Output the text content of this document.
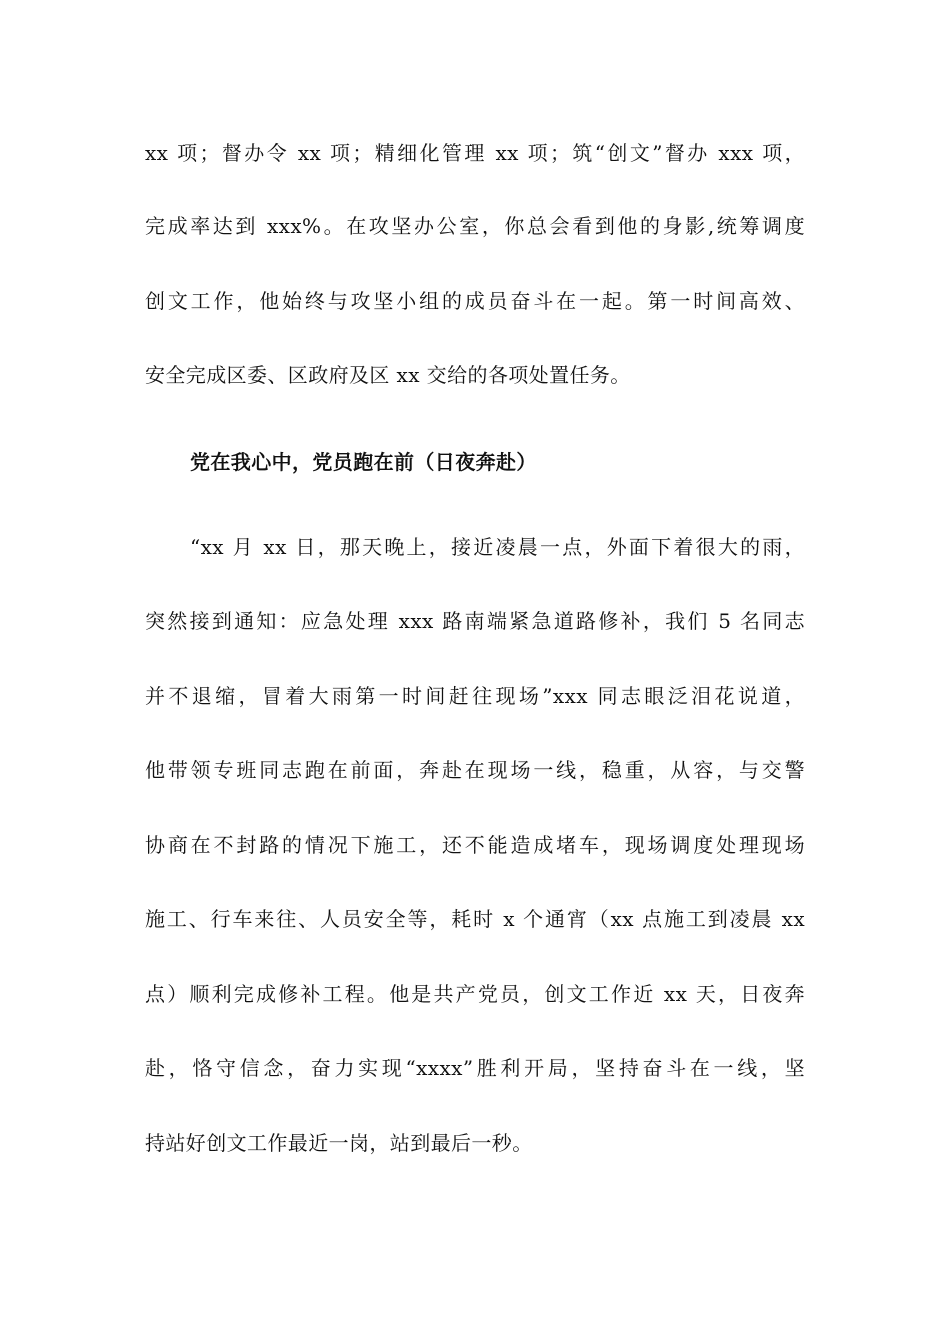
xx 项；督办令 xx 项；精细化管理 xx 项；筑“创文”督办 xxx 项，
完成率达到 xxx%。在攻坚办公室，你总会看到他的身影,统筹调度
创文工作，他始终与攻坚小组的成员奋斗在一起。第一时间高效、
安全完成区委、区政府及区 xx 交给的各项处置任务。
党在我心中，党员跑在前（日夜奔赴）
“xx 月 xx 日，那天晚上，接近凌晨一点，外面下着很大的雨，
突然接到通知：应急处理 xxx 路南端紧急道路修补，我们 5 名同志
并不退缩，冒着大雨第一时间赶往现场”xxx 同志眼泛泪花说道，
他带领专班同志跑在前面，奔赴在现场一线，稳重，从容，与交警
协商在不封路的情况下施工，还不能造成堵车，现场调度处理现场
施工、行车来往、人员安全等，耗时 x 个通宵（xx 点施工到凌晨 xx
点）顺利完成修补工程。他是共产党员，创文工作近 xx 天，日夜奔
赴，恪守信念，奋力实现“xxxx”胜利开局，坚持奋斗在一线，坚
持站好创文工作最近一岗，站到最后一秒。
